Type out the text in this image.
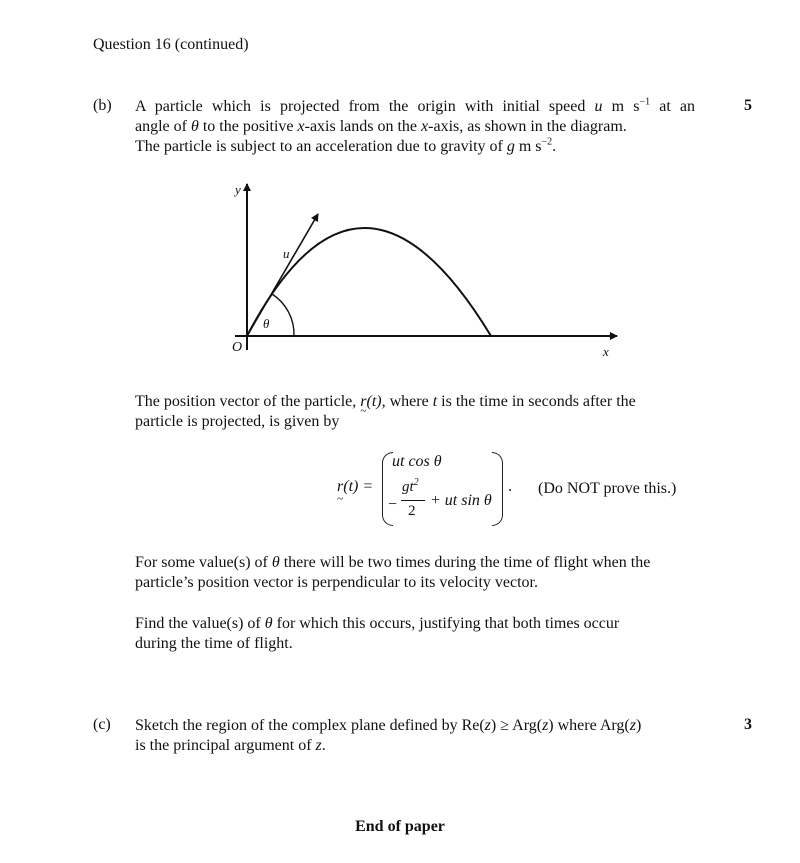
Question 16 (continued)
(b)	5
A particle which is projected from the origin with initial speed u m $s^{-1}$ at an
angle of θ to the positive x-axis lands on the x-axis, as shown in the diagram.
The particle is subject to an acceleration due to gravity of g m $s^{-2}$.
y
x
O
u
θ
The position vector of the particle, r ~(t), where t is the time in seconds after the
particle is projected, is given by
r ~(t) =
ut cos θ
−
$gt^2$
2
+ ut sin θ
. (Do NOT prove this.)
For some value(s) of θ there will be two times during the time of flight when the
particle’s position vector is perpendicular to its velocity vector.
Find the value(s) of θ for which this occurs, justifying that both times occur
during the time of flight.
(c)	3
Sketch the region of the complex plane defined by Re(z) ≥ Arg(z) where Arg(z)
is the principal argument of z.
End of paper
